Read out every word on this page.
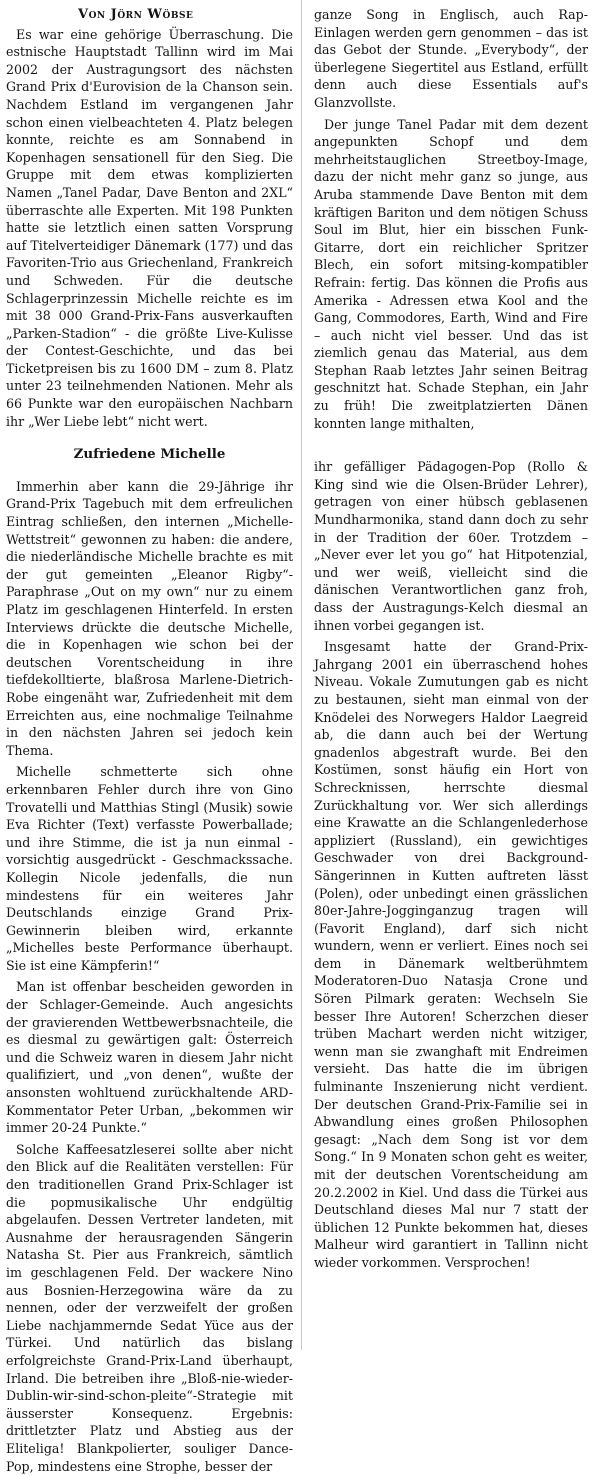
Von Jörn Wöbse

Es war eine gehörige Überraschung. Die estnische Hauptstadt Tallinn wird im Mai 2002 der Austragungsort des nächsten Grand Prix d'Eurovision de la Chanson sein. Nachdem Estland im vergangenen Jahr schon einen vielbeachteten 4. Platz belegen konnte, reichte es am Sonnabend in Kopenhagen sensationell für den Sieg. Die Gruppe mit dem etwas komplizierten Namen „Tanel Padar, Dave Benton and 2XL“ überraschte alle Experten. Mit 198 Punkten hatte sie letztlich einen satten Vorsprung auf Titelverteidiger Dänemark (177) und das Favoriten-Trio aus Griechenland, Frankreich und Schweden. Für die deutsche Schlagerprinzessin Michelle reichte es im mit 38 000 Grand-Prix-Fans ausverkauften „Parken-Stadion“ - die größte Live-Kulisse der Contest-Geschichte, und das bei Ticketpreisen bis zu 1600 DM – zum 8. Platz unter 23 teilnehmenden Nationen. Mehr als 66 Punkte war den europäischen Nachbarn ihr „Wer Liebe lebt“ nicht wert.

Zufriedene Michelle

Immerhin aber kann die 29-Jährige ihr Grand-Prix Tagebuch mit dem erfreulichen Eintrag schließen, den internen „Michelle-Wettstreit“ gewonnen zu haben: die andere, die niederländische Michelle brachte es mit der gut gemeinten „Eleanor Rigby“-Paraphrase „Out on my own“ nur zu einem Platz im geschlagenen Hinterfeld. In ersten Interviews drückte die deutsche Michelle, die in Kopenhagen wie schon bei der deutschen Vorentscheidung in ihre tiefdekolltierte, blaßrosa Marlene-Dietrich-Robe eingenäht war, Zufriedenheit mit dem Erreichten aus, eine nochmalige Teilnahme in den nächsten Jahren sei jedoch kein Thema.

Michelle schmetterte sich ohne erkennbaren Fehler durch ihre von Gino Trovatelli und Matthias Stingl (Musik) sowie Eva Richter (Text) verfasste Powerballade; und ihre Stimme, die ist ja nun einmal - vorsichtig ausgedrückt - Geschmackssache. Kollegin Nicole jedenfalls, die nun mindestens für ein weiteres Jahr Deutschlands einzige Grand Prix-Gewinnerin bleiben wird, erkannte „Michelles beste Performance überhaupt. Sie ist eine Kämpferin!“

Man ist offenbar bescheiden geworden in der Schlager-Gemeinde. Auch angesichts der gravierenden Wettbewerbsnachteile, die es diesmal zu gewärtigen galt: Österreich und die Schweiz waren in diesem Jahr nicht qualifiziert, und „von denen“, wußte der ansonsten wohltuend zurückhaltende ARD-Kommentator Peter Urban, „bekommen wir immer 20-24 Punkte.“

Solche Kaffeesatzleserei sollte aber nicht den Blick auf die Realitäten verstellen: Für den traditionellen Grand Prix-Schlager ist die popmusikalische Uhr endgültig abgelaufen. Dessen Vertreter landeten, mit Ausnahme der herausragenden Sängerin Natasha St. Pier aus Frankreich, sämtlich im geschlagenen Feld. Der wackere Nino aus Bosnien-Herzegowina wäre da zu nennen, oder der verzweifelt der großen Liebe nachjammernde Sedat Yüce aus der Türkei. Und natürlich das bislang erfolgreichste Grand-Prix-Land überhaupt, Irland. Die betreiben ihre „Bloß-nie-wieder-Dublin-wir-sind-schon-pleite“-Strategie mit äusserster Konsequenz. Ergebnis: drittletzter Platz und Abstieg aus der Eliteliga! Blankpolierter, souliger Dance-Pop, mindestens eine Strophe, besser der

ganze Song in Englisch, auch Rap-Einlagen werden gern genommen – das ist das Gebot der Stunde. „Everybody“, der überlegene Siegertitel aus Estland, erfüllt denn auch diese Essentials auf's Glanzvollste.

Der junge Tanel Padar mit dem dezent angepunkten Schopf und dem mehrheitstauglichen Streetboy-Image, dazu der nicht mehr ganz so junge, aus Aruba stammende Dave Benton mit dem kräftigen Bariton und dem nötigen Schuss Soul im Blut, hier ein bisschen Funk-Gitarre, dort ein reichlicher Spritzer Blech, ein sofort mitsing-kompatibler Refrain: fertig. Das können die Profis aus Amerika - Adressen etwa Kool and the Gang, Commodores, Earth, Wind and Fire – auch nicht viel besser. Und das ist ziemlich genau das Material, aus dem Stephan Raab letztes Jahr seinen Beitrag geschnitzt hat. Schade Stephan, ein Jahr zu früh! Die zweitplatzierten Dänen konnten lange mithalten,

ihr gefälliger Pädagogen-Pop (Rollo & King sind wie die Olsen-Brüder Lehrer), getragen von einer hübsch geblasenen Mundharmonika, stand dann doch zu sehr in der Tradition der 60er. Trotzdem – „Never ever let you go“ hat Hitpotenzial, und wer weiß, vielleicht sind die dänischen Verantwortlichen ganz froh, dass der Austragungs-Kelch diesmal an ihnen vorbei gegangen ist.

Insgesamt hatte der Grand-Prix-Jahrgang 2001 ein überraschend hohes Niveau. Vokale Zumutungen gab es nicht zu bestaunen, sieht man einmal von der Knödelei des Norwegers Haldor Laegreid ab, die dann auch bei der Wertung gnadenlos abgestraft wurde. Bei den Kostümen, sonst häufig ein Hort von Schrecknissen, herrschte diesmal Zurückhaltung vor. Wer sich allerdings eine Krawatte an die Schlangenlederhose appliziert (Russland), ein gewichtiges Geschwader von drei Background-Sängerinnen in Kutten auftreten lässt (Polen), oder unbedingt einen grässlichen 80er-Jahre-Jogginganzug tragen will (Favorit England), darf sich nicht wundern, wenn er verliert. Eines noch sei dem in Dänemark weltberühmtem Moderatoren-Duo Natasja Crone und Sören Pilmark geraten: Wechseln Sie besser Ihre Autoren! Scherzchen dieser trüben Machart werden nicht witziger, wenn man sie zwanghaft mit Endreimen versieht. Das hatte die im übrigen fulminante Inszenierung nicht verdient. Der deutschen Grand-Prix-Familie sei in Abwandlung eines großen Philosophen gesagt: „Nach dem Song ist vor dem Song.“ In 9 Monaten schon geht es weiter, mit der deutschen Vorentscheidung am 20.2.2002 in Kiel. Und dass die Türkei aus Deutschland dieses Mal nur 7 statt der üblichen 12 Punkte bekommen hat, dieses Malheur wird garantiert in Tallinn nicht wieder vorkommen. Versprochen!
